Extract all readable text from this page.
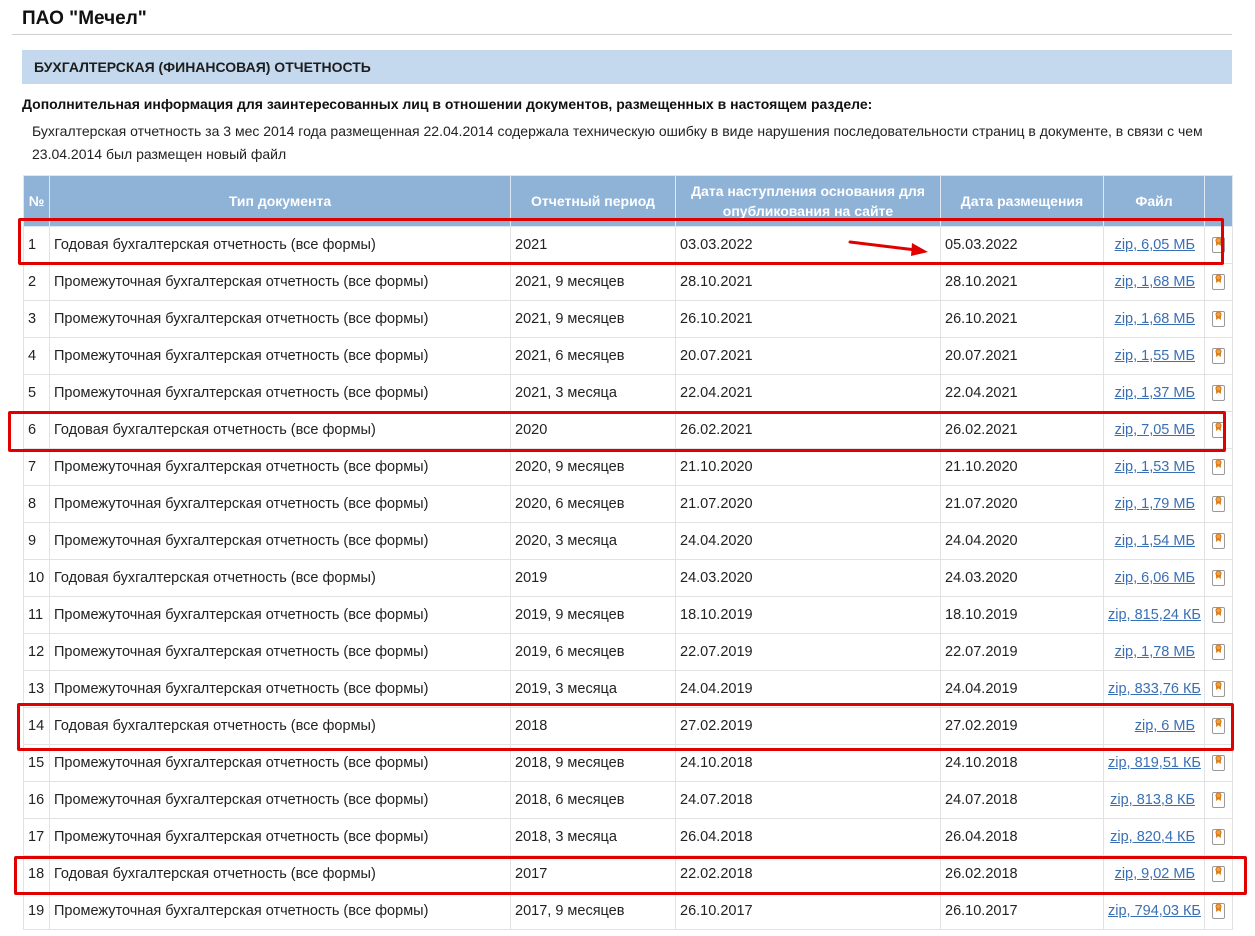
ПАО "Мечел"
БУХГАЛТЕРСКАЯ (ФИНАНСОВАЯ) ОТЧЕТНОСТЬ
Дополнительная информация для заинтересованных лиц в отношении документов, размещенных в настоящем разделе:
Бухгалтерская отчетность за 3 мес 2014 года размещенная 22.04.2014 содержала техническую ошибку в виде нарушения последовательности страниц в документе, в связи с чем 23.04.2014 был размещен новый файл
№	Тип документа	Отчетный период	Дата наступления основания для опубликования на сайте	Дата размещения	Файл	
1	Годовая бухгалтерская отчетность (все формы)	2021	03.03.2022	05.03.2022	zip, 6,05 МБ	
2	Промежуточная бухгалтерская отчетность (все формы)	2021, 9 месяцев	28.10.2021	28.10.2021	zip, 1,68 МБ	
3	Промежуточная бухгалтерская отчетность (все формы)	2021, 9 месяцев	26.10.2021	26.10.2021	zip, 1,68 МБ	
4	Промежуточная бухгалтерская отчетность (все формы)	2021, 6 месяцев	20.07.2021	20.07.2021	zip, 1,55 МБ	
5	Промежуточная бухгалтерская отчетность (все формы)	2021, 3 месяца	22.04.2021	22.04.2021	zip, 1,37 МБ	
6	Годовая бухгалтерская отчетность (все формы)	2020	26.02.2021	26.02.2021	zip, 7,05 МБ	
7	Промежуточная бухгалтерская отчетность (все формы)	2020, 9 месяцев	21.10.2020	21.10.2020	zip, 1,53 МБ	
8	Промежуточная бухгалтерская отчетность (все формы)	2020, 6 месяцев	21.07.2020	21.07.2020	zip, 1,79 МБ	
9	Промежуточная бухгалтерская отчетность (все формы)	2020, 3 месяца	24.04.2020	24.04.2020	zip, 1,54 МБ	
10	Годовая бухгалтерская отчетность (все формы)	2019	24.03.2020	24.03.2020	zip, 6,06 МБ	
11	Промежуточная бухгалтерская отчетность (все формы)	2019, 9 месяцев	18.10.2019	18.10.2019	zip, 815,24 КБ	
12	Промежуточная бухгалтерская отчетность (все формы)	2019, 6 месяцев	22.07.2019	22.07.2019	zip, 1,78 МБ	
13	Промежуточная бухгалтерская отчетность (все формы)	2019, 3 месяца	24.04.2019	24.04.2019	zip, 833,76 КБ	
14	Годовая бухгалтерская отчетность (все формы)	2018	27.02.2019	27.02.2019	zip, 6 МБ	
15	Промежуточная бухгалтерская отчетность (все формы)	2018, 9 месяцев	24.10.2018	24.10.2018	zip, 819,51 КБ	
16	Промежуточная бухгалтерская отчетность (все формы)	2018, 6 месяцев	24.07.2018	24.07.2018	zip, 813,8 КБ	
17	Промежуточная бухгалтерская отчетность (все формы)	2018, 3 месяца	26.04.2018	26.04.2018	zip, 820,4 КБ	
18	Годовая бухгалтерская отчетность (все формы)	2017	22.02.2018	26.02.2018	zip, 9,02 МБ	
19	Промежуточная бухгалтерская отчетность (все формы)	2017, 9 месяцев	26.10.2017	26.10.2017	zip, 794,03 КБ	
